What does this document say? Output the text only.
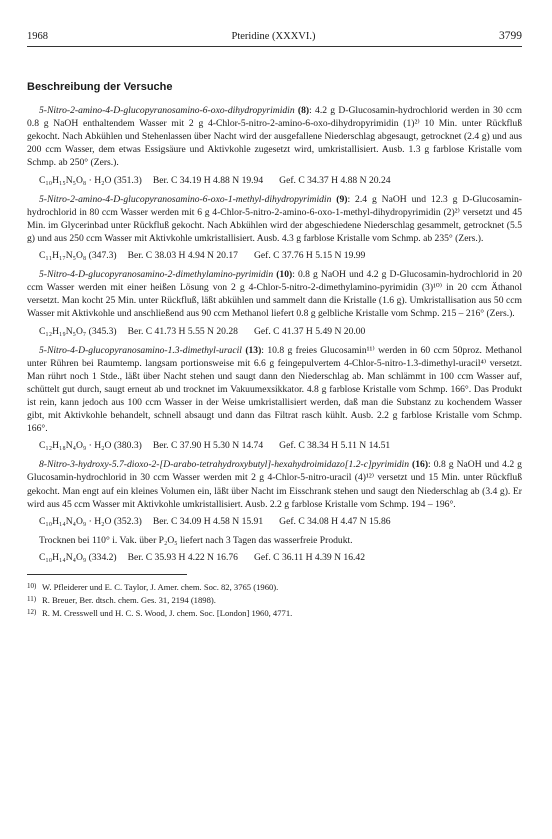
1968	Pteridine (XXXVI.)	3799
Beschreibung der Versuche

5-Nitro-2-amino-4-D-glucopyranosamino-6-oxo-dihydropyrimidin (8): 4.2 g D-Glucosamin-hydrochlorid werden in 30 ccm 0.8 g NaOH enthaltendem Wasser mit 2 g 4-Chlor-5-nitro-2-amino-6-oxo-dihydropyrimidin (1)²⁾ 10 Min. unter Rückfluß gekocht. Nach Abkühlen und Stehenlassen über Nacht wird der ausgefallene Niederschlag abgesaugt, getrocknet (2.4 g) und aus 200 ccm Wasser, dem etwas Essigsäure und Aktivkohle zugesetzt wird, umkristallisiert. Ausb. 1.3 g farblose Kristalle vom Schmp. ab 250° (Zers.).

C₁₀H₁₅N₅O₈ · H₂O (351.3) Ber. C 34.19 H 4.88 N 19.94 Gef. C 34.37 H 4.88 N 20.24

5-Nitro-2-amino-4-D-glucopyranosamino-6-oxo-1-methyl-dihydropyrimidin (9): 2.4 g NaOH und 12.3 g D-Glucosamin-hydrochlorid in 80 ccm Wasser werden mit 6 g 4-Chlor-5-nitro-2-amino-6-oxo-1-methyl-dihydropyrimidin (2)²⁾ versetzt und 45 Min. im Glycerinbad unter Rückfluß gekocht. Nach Abkühlen wird der abgeschiedene Niederschlag gesammelt, getrocknet (5.5 g) und aus 250 ccm Wasser mit Aktivkohle umkristallisiert. Ausb. 4.3 g farblose Kristalle vom Schmp. ab 235° (Zers.).

C₁₁H₁₇N₅O₈ (347.3) Ber. C 38.03 H 4.94 N 20.17 Gef. C 37.76 H 5.15 N 19.99

5-Nitro-4-D-glucopyranosamino-2-dimethylamino-pyrimidin (10): 0.8 g NaOH und 4.2 g D-Glucosamin-hydrochlorid in 20 ccm Wasser werden mit einer heißen Lösung von 2 g 4-Chlor-5-nitro-2-dimethylamino-pyrimidin (3)¹⁰⁾ in 20 ccm Äthanol versetzt. Man kocht 25 Min. unter Rückfluß, läßt abkühlen und sammelt dann die Kristalle (1.6 g). Umkristallisation aus 50 ccm Wasser mit Aktivkohle und anschließend aus 90 ccm Methanol liefert 0.8 g gelbliche Kristalle vom Schmp. 215 – 216° (Zers.).

C₁₂H₁₉N₅O₇ (345.3) Ber. C 41.73 H 5.55 N 20.28 Gef. C 41.37 H 5.49 N 20.00

5-Nitro-4-D-glucopyranosamino-1.3-dimethyl-uracil (13): 10.8 g freies Glucosamin¹¹⁾ werden in 60 ccm 50proz. Methanol unter Rühren bei Raumtemp. langsam portionsweise mit 6.6 g feingepulvertem 4-Chlor-5-nitro-1.3-dimethyl-uracil⁴⁾ versetzt. Man rührt noch 1 Stde., läßt über Nacht stehen und saugt dann den Niederschlag ab. Man schlämmt in 100 ccm Wasser auf, schüttelt gut durch, saugt erneut ab und trocknet im Vakuumexsikkator. 4.8 g farblose Kristalle vom Schmp. 166°. Das Produkt ist rein, kann jedoch aus 100 ccm Wasser in der Weise umkristallisiert werden, daß man die Substanz zu kochendem Wasser gibt, mit Aktivkohle behandelt, schnell absaugt und dann das Filtrat rasch kühlt. Ausb. 2.2 g farblose Kristalle vom Schmp. 166°.

C₁₂H₁₈N₄O₉ · H₂O (380.3) Ber. C 37.90 H 5.30 N 14.74 Gef. C 38.34 H 5.11 N 14.51

8-Nitro-3-hydroxy-5.7-dioxo-2-[D-arabo-tetrahydroxybutyl]-hexahydroimidazo[1.2-c]pyrimidin (16): 0.8 g NaOH und 4.2 g Glucosamin-hydrochlorid in 30 ccm Wasser werden mit 2 g 4-Chlor-5-nitro-uracil (4)¹²⁾ versetzt und 15 Min. unter Rückfluß gekocht. Man engt auf ein kleines Volumen ein, läßt über Nacht im Eisschrank stehen und saugt den Niederschlag ab (3.4 g). Er wird aus 45 ccm Wasser mit Aktivkohle umkristallisiert. Ausb. 2.2 g farblose Kristalle vom Schmp. 194 – 196°.

C₁₀H₁₄N₄O₉ · H₂O (352.3) Ber. C 34.09 H 4.58 N 15.91 Gef. C 34.08 H 4.47 N 15.86

Trocknen bei 110° i. Vak. über P₂O₅ liefert nach 3 Tagen das wasserfreie Produkt.

C₁₀H₁₄N₄O₉ (334.2) Ber. C 35.93 H 4.22 N 16.76 Gef. C 36.11 H 4.39 N 16.42
10) W. Pfleiderer und E. C. Taylor, J. Amer. chem. Soc. 82, 3765 (1960).
11) R. Breuer, Ber. dtsch. chem. Ges. 31, 2194 (1898).
12) R. M. Cresswell und H. C. S. Wood, J. chem. Soc. [London] 1960, 4771.
